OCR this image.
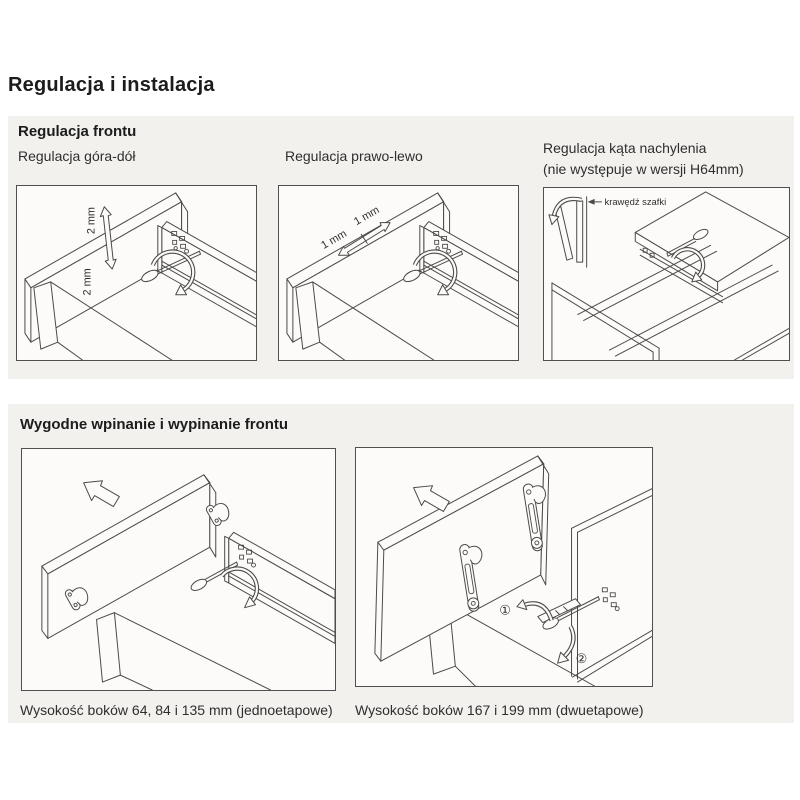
Regulacja i instalacja
Regulacja frontu
Regulacja góra-dół	Regulacja prawo-lewo	Regulacja kąta nachylenia
(nie występuje w wersji H64mm)
2 mm
2 mm
1 mm
1 mm
krawędź szafki
Wygodne wpinanie i wypinanie frontu
①
②
Wysokość boków 64, 84 i 135 mm (jednoetapowe) Wysokość boków 167 i 199 mm (dwuetapowe)
